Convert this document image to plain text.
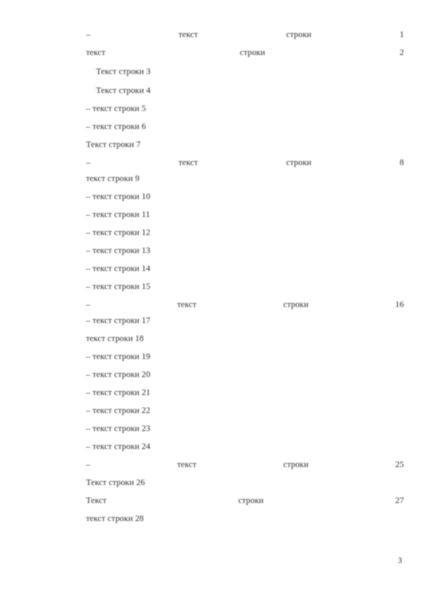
– текст строки 1
текст строки 2
Текст строки 3
Текст строки 4
– текст строки 5
– текст строки 6
Текст строки 7
– текст строки 8
текст строки 9
– текст строки 10
– текст строки 11
– текст строки 12
– текст строки 13
– текст строки 14
– текст строки 15
– текст строки 16
– текст строки 17
текст строки 18
– текст строки 19
– текст строки 20
– текст строки 21
– текст строки 22
– текст строки 23
– текст строки 24
– текст строки 25
Текст строки 26
Текст строки 27
текст строки 28
3
